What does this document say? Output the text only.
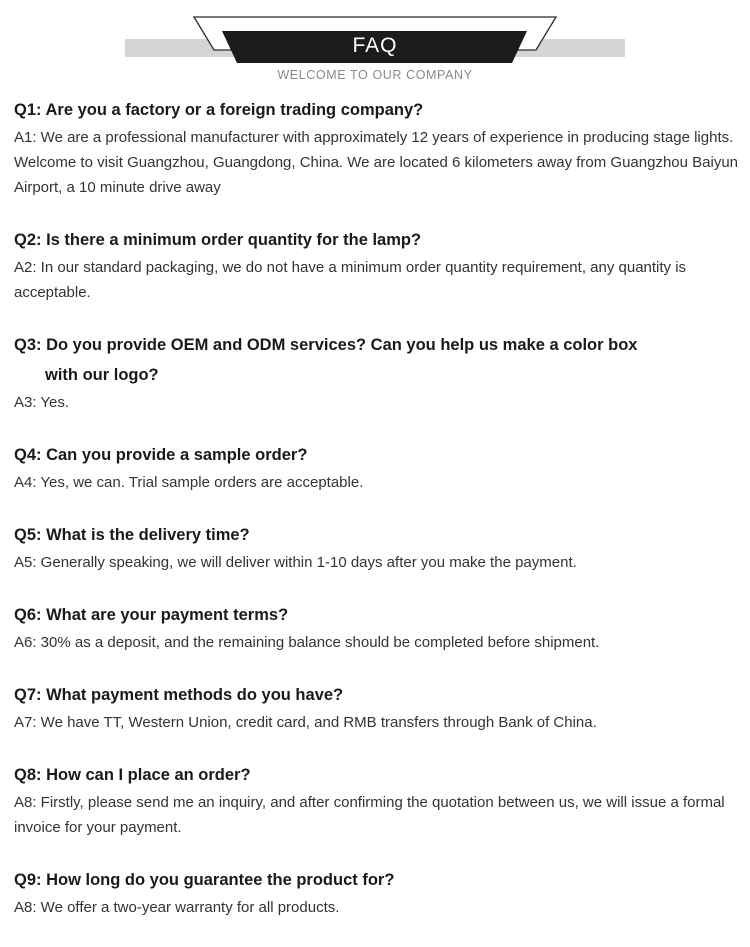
FAQ
WELCOME TO OUR COMPANY

Q1: Are you a factory or a foreign trading company?

A1: We are a professional manufacturer with approximately 12 years of experience in producing stage lights. Welcome to visit Guangzhou, Guangdong, China. We are located 6 kilometers away from Guangzhou Baiyun Airport, a 10 minute drive away

Q2: Is there a minimum order quantity for the lamp?

A2: In our standard packaging, we do not have a minimum order quantity requirement, any quantity is acceptable.

Q3: Do you provide OEM and ODM services? Can you help us make a color box
with our logo?

A3: Yes.

Q4: Can you provide a sample order?

A4: Yes, we can. Trial sample orders are acceptable.

Q5: What is the delivery time?

A5: Generally speaking, we will deliver within 1-10 days after you make the payment.

Q6: What are your payment terms?

A6: 30% as a deposit, and the remaining balance should be completed before shipment.

Q7: What payment methods do you have?

A7: We have TT, Western Union, credit card, and RMB transfers through Bank of China.

Q8: How can I place an order?

A8: Firstly, please send me an inquiry, and after confirming the quotation between us, we will issue a formal invoice for your payment.

Q9: How long do you guarantee the product for?

A8: We offer a two-year warranty for all products.
